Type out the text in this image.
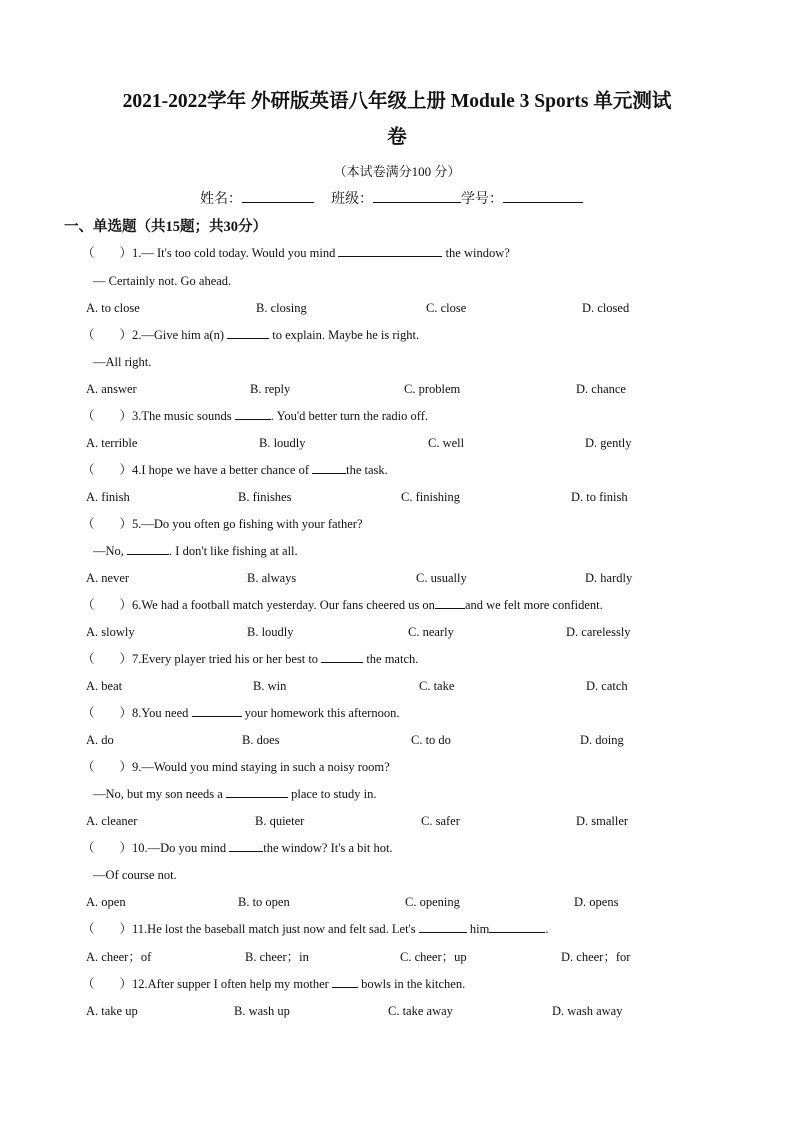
2021-2022学年 外研版英语八年级上册 Module 3 Sports 单元测试
卷
（本试卷满分100 分）
姓名：	班级：	学号：
一、单选题（共15题；共30分）
（　　） 1.— It's too cold today. Would you mind	the window?
— Certainly not. Go ahead.
A. to close	B. closing	C. close	D. closed
（　　） 2.—Give him a(n)	to explain. Maybe he is right.
—All right.
A. answer	B. reply	C. problem	D. chance
（　　） 3.The music sounds	. You'd better turn the radio off.
A. terrible	B. loudly	C. well	D. gently
（　　） 4.I hope we have a better chance of	the task.
A. finish	B. finishes	C. finishing	D. to finish
（　　） 5.—Do you often go fishing with your father?
—No,	. I don't like fishing at all.
A. never	B. always	C. usually	D. hardly
（　　） 6.We had a football match yesterday. Our fans cheered us on and we felt more confident.
A. slowly	B. loudly	C. nearly	D. carelessly
（　　） 7.Every player tried his or her best to	the match.
A. beat	B. win	C. take	D. catch
（　　） 8.You need	your homework this afternoon.
A. do	B. does	C. to do	D. doing
（　　） 9.—Would you mind staying in such a noisy room?
—No, but my son needs a	place to study in.
A. cleaner	B. quieter	C. safer	D. smaller
（　　） 10.—Do you mind	the window? It's a bit hot.
—Of course not.
A. open	B. to open	C. opening	D. opens
（　　） 11.He lost the baseball match just now and felt sad. Let's	him	.
A. cheer；of	B. cheer；in	C. cheer；up	D. cheer；for
（　　） 12.After supper I often help my mother  bowls in the kitchen.
A. take up	B. wash up	C. take away	D. wash away
